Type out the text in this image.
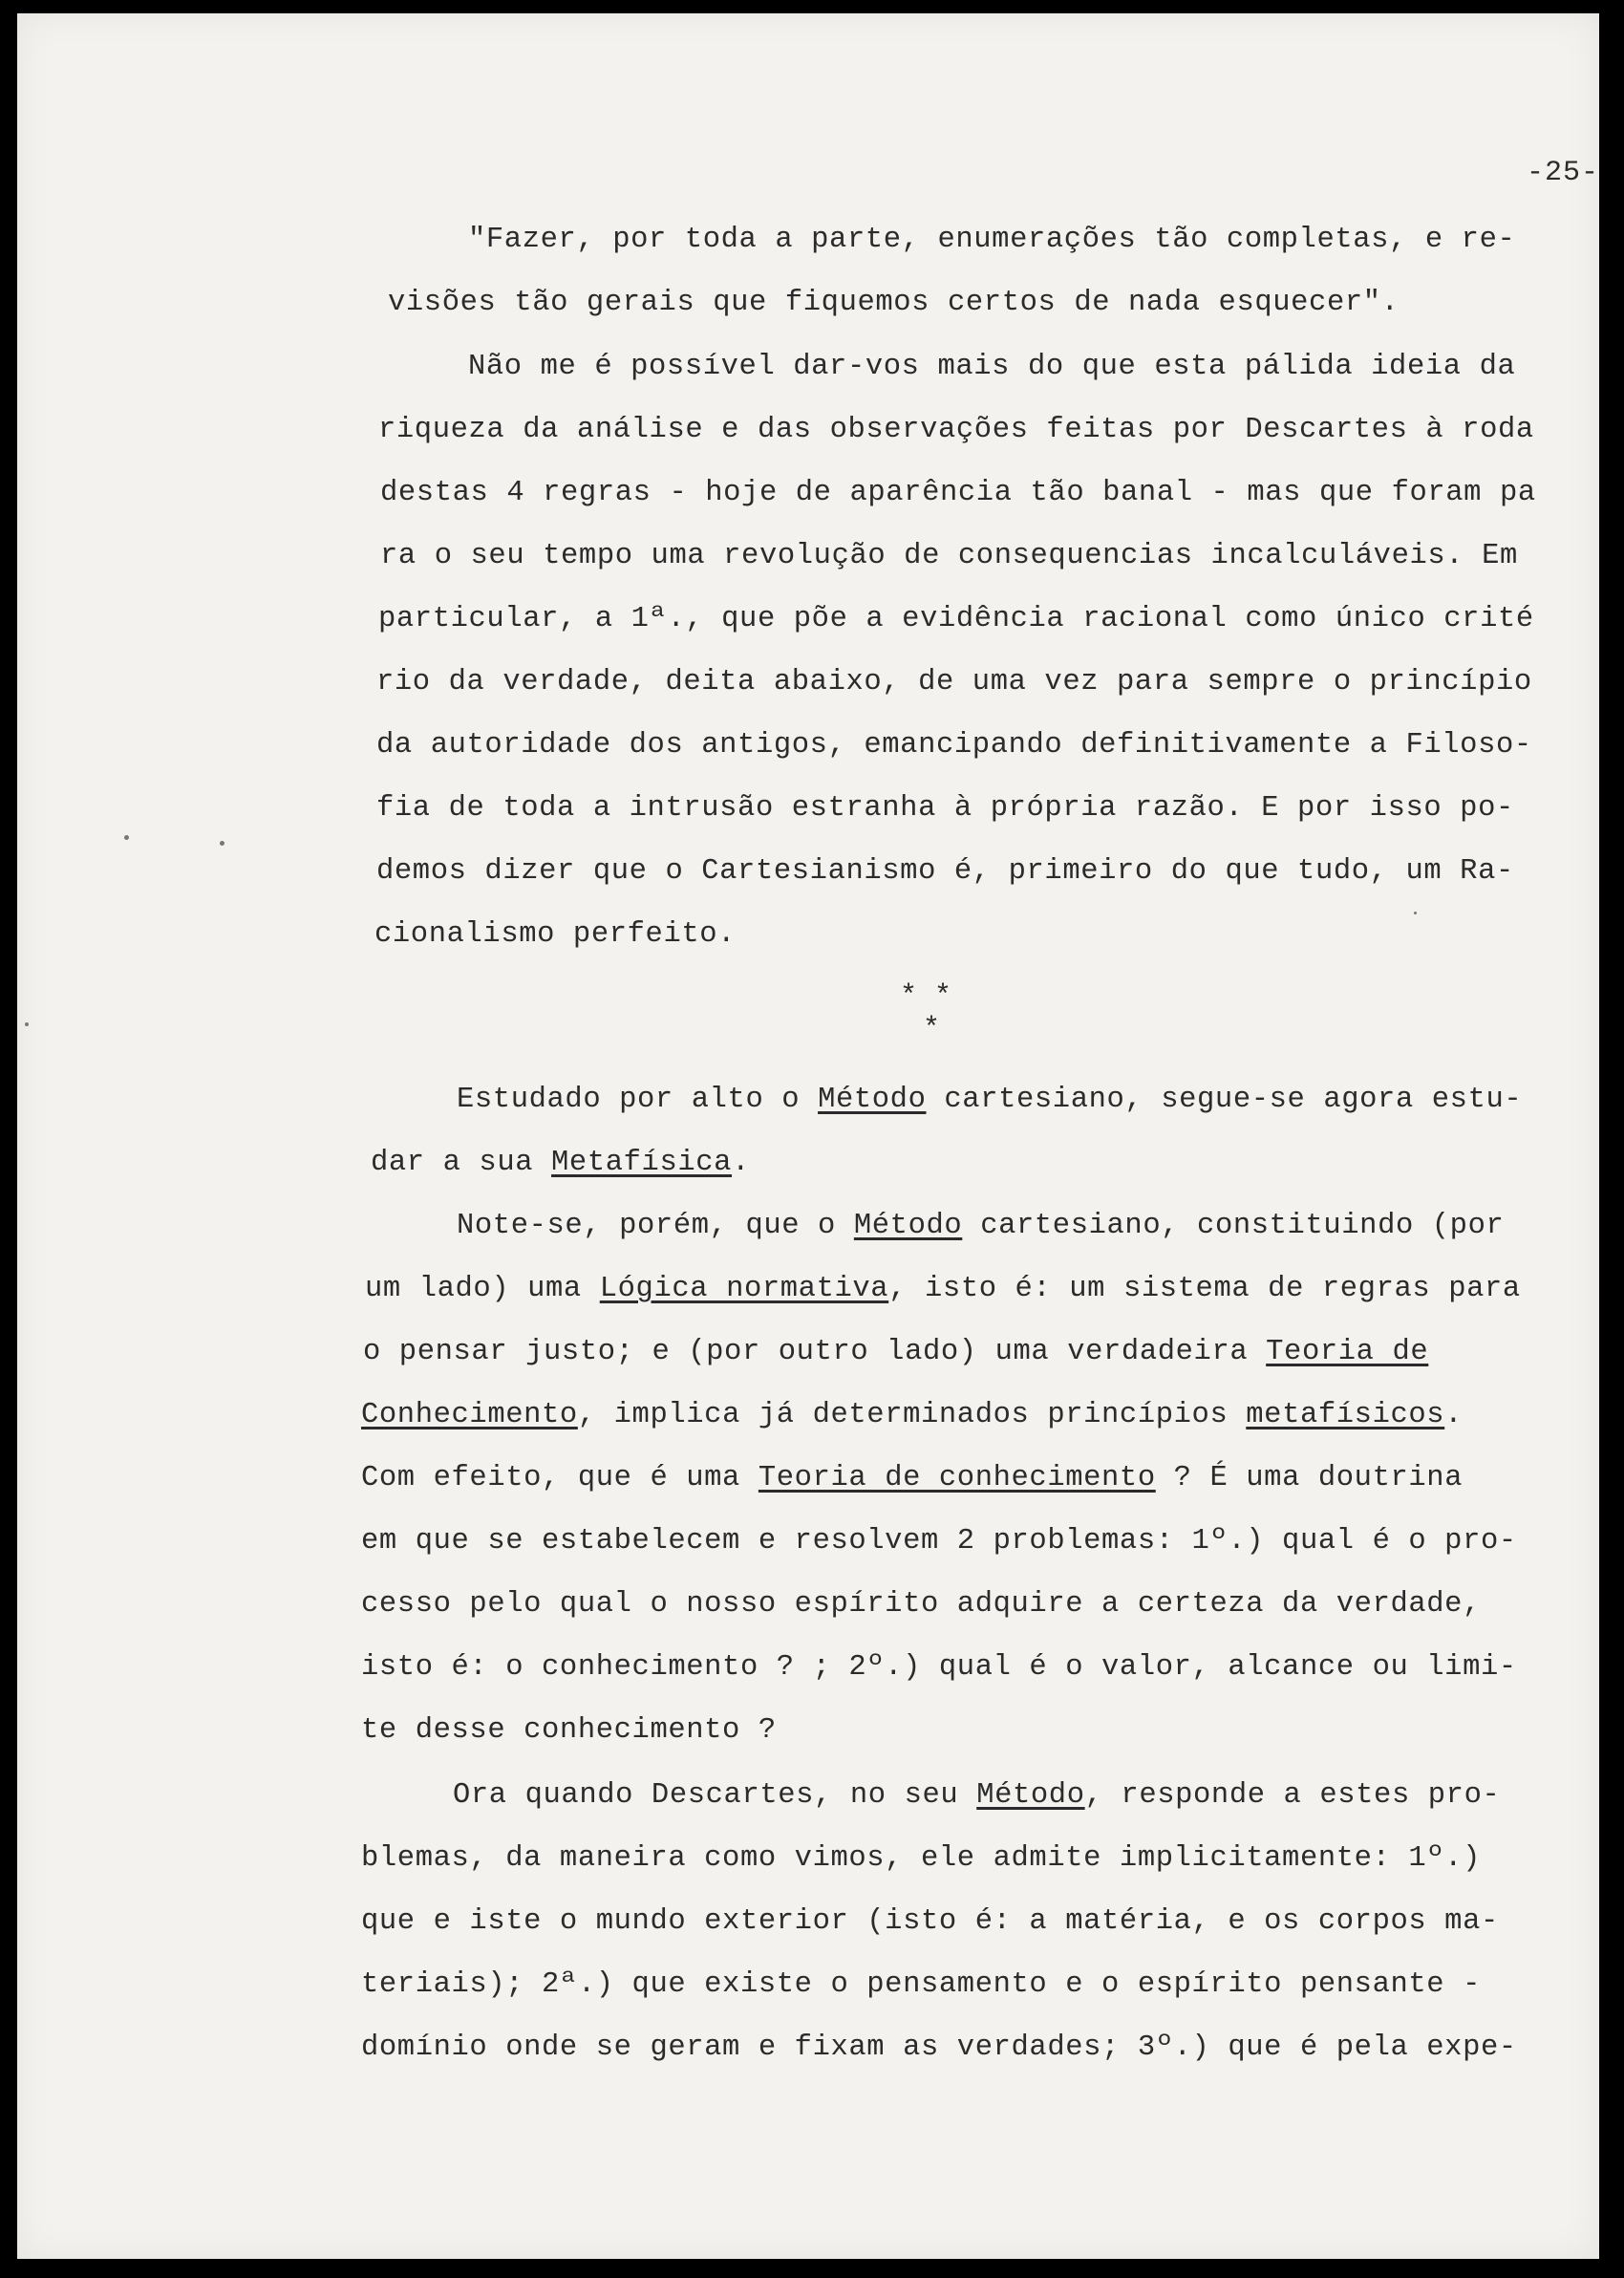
-25-
"Fazer, por toda a parte, enumerações tão completas, e re-
visões tão gerais que fiquemos certos de nada esquecer".
Não me é possível dar-vos mais do que esta pálida ideia da
riqueza da análise e das observações feitas por Descartes à roda
destas 4 regras - hoje de aparência tão banal - mas que foram pa
ra o seu tempo uma revolução de consequencias incalculáveis. Em
particular, a 1ª., que põe a evidência racional como único crité
rio da verdade, deita abaixo, de uma vez para sempre o princípio
da autoridade dos antigos, emancipando definitivamente a Filoso-
fia de toda a intrusão estranha à própria razão. E por isso po-
demos dizer que o Cartesianismo é, primeiro do que tudo, um Ra-
cionalismo perfeito.
* *
*
Estudado por alto o Método cartesiano, segue-se agora estu-
dar a sua Metafísica.
Note-se, porém, que o Método cartesiano, constituindo (por
um lado) uma Lógica normativa, isto é: um sistema de regras para
o pensar justo; e (por outro lado) uma verdadeira Teoria de
Conhecimento, implica já determinados princípios metafísicos.
Com efeito, que é uma Teoria de conhecimento ? É uma doutrina
em que se estabelecem e resolvem 2 problemas: 1º.) qual é o pro-
cesso pelo qual o nosso espírito adquire a certeza da verdade,
isto é: o conhecimento ? ; 2º.) qual é o valor, alcance ou limi-
te desse conhecimento ?
Ora quando Descartes, no seu Método, responde a estes pro-
blemas, da maneira como vimos, ele admite implicitamente: 1º.)
que e iste o mundo exterior (isto é: a matéria, e os corpos ma-
teriais); 2ª.) que existe o pensamento e o espírito pensante -
domínio onde se geram e fixam as verdades; 3º.) que é pela expe-
